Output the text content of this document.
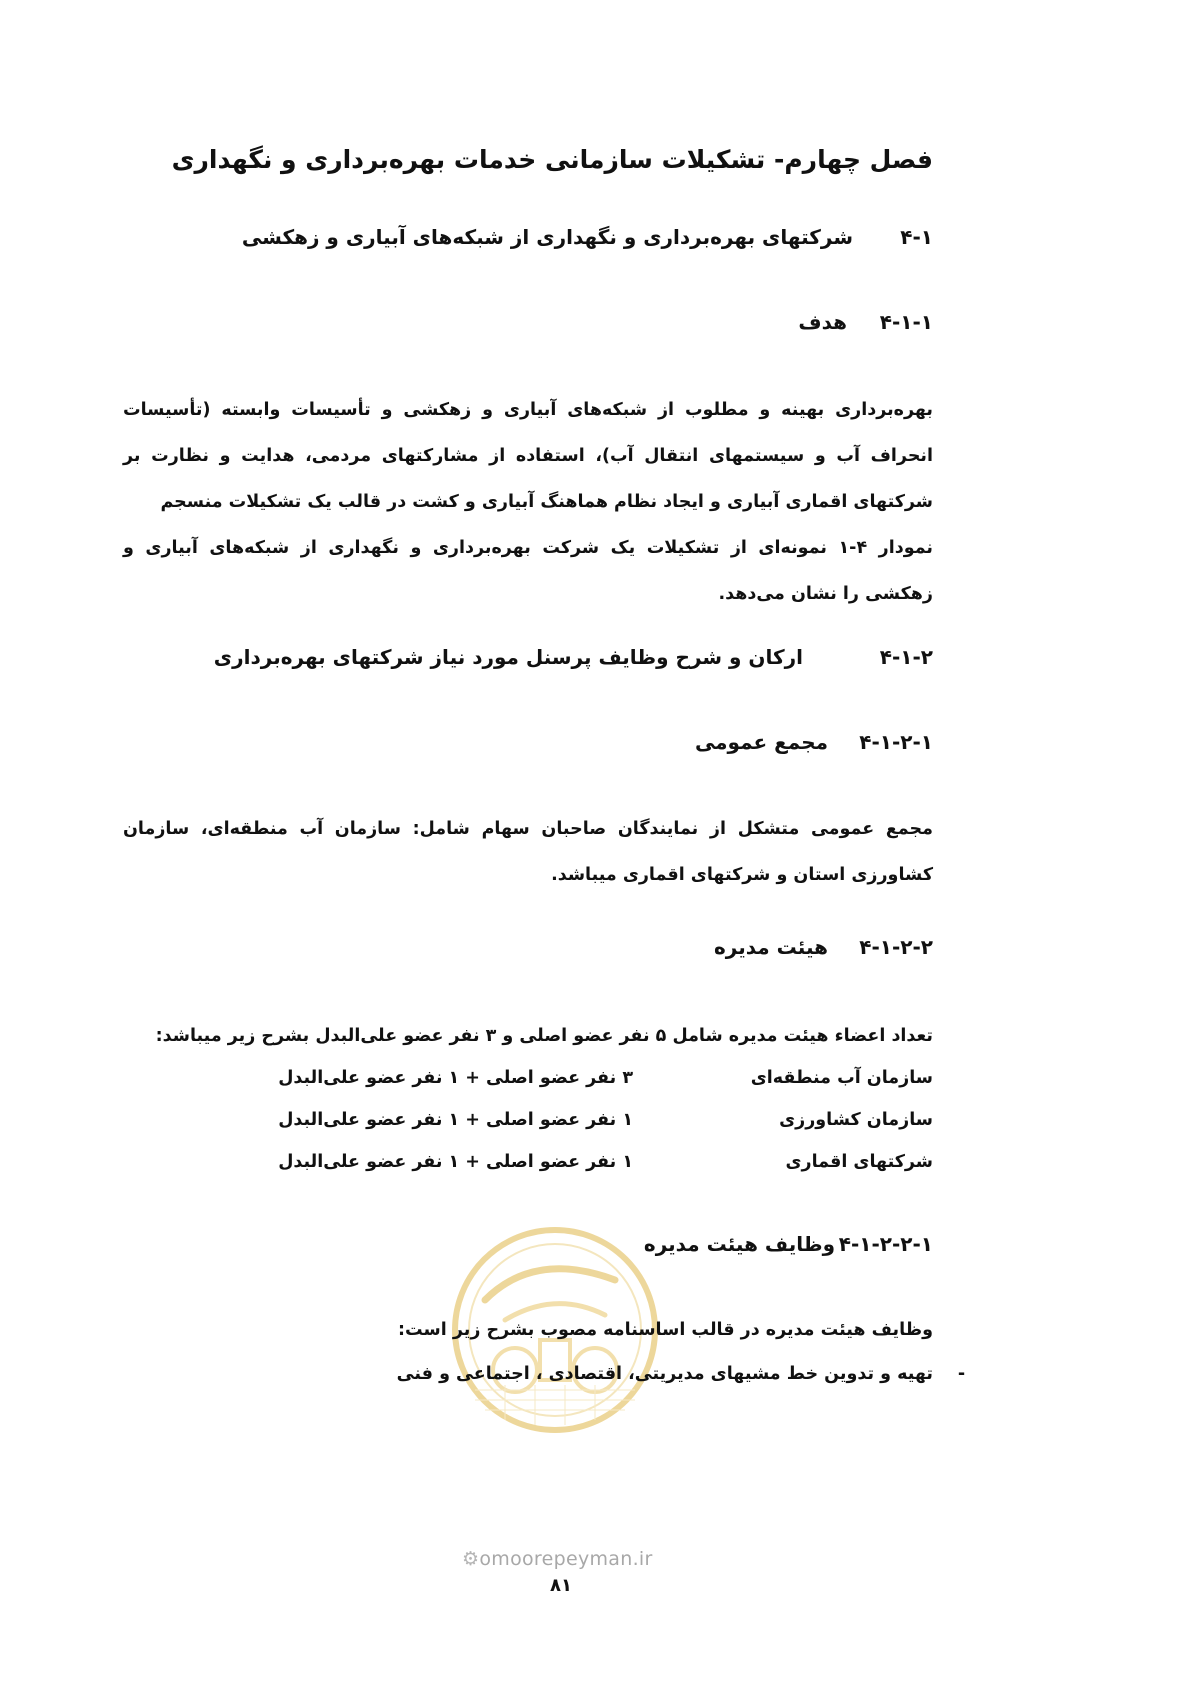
فصل چهارم- تشکیلات سازمانی خدمات بهره‌برداری و نگهداری
۴-۱
شرکتهای بهره‌برداری و نگهداری از شبکه‌های آبیاری و زهکشی
۴-۱-۱
هدف

بهره‌برداری بهینه و مطلوب از شبکه‌های آبیاری و زهکشی و تأسیسات وابسته (تأسیسات انحراف آب و سیستمهای انتقال آب)، استفاده از مشارکتهای مردمی، هدایت و نظارت بر شرکتهای اقماری آبیاری و ایجاد نظام هماهنگ آبیاری و کشت در قالب یک تشکیلات منسجم

نمودار ۴-۱ نمونه‌ای از تشکیلات یک شرکت بهره‌برداری و نگهداری از شبکه‌های آبیاری و زهکشی را نشان می‌دهد.

۴-۱-۲
ارکان و شرح وظایف پرسنل مورد نیاز شرکتهای بهره‌برداری
۴-۱-۲-۱
مجمع عمومی

مجمع عمومی متشکل از نمایندگان صاحبان سهام شامل: سازمان آب منطقه‌ای، سازمان کشاورزی استان و شرکتهای اقماری میباشد.

۴-۱-۲-۲
هیئت مدیره
تعداد اعضاء هیئت مدیره شامل ۵ نفر عضو اصلی و ۳ نفر عضو علی‌البدل بشرح زیر میباشد:
سازمان آب منطقه‌ای
۳ نفر عضو اصلی + ۱ نفر عضو علی‌البدل
سازمان کشاورزی
۱ نفر عضو اصلی + ۱ نفر عضو علی‌البدل
شرکتهای اقماری
۱ نفر عضو اصلی + ۱ نفر عضو علی‌البدل
۴-۱-۲-۲-۱
وظایف هیئت مدیره
وظایف هیئت مدیره در قالب اساسنامه مصوب بشرح زیر است:
-
تهیه و تدوین خط مشیهای مدیریتی، اقتصادی ، اجتماعی و فنی
⚙omoorepeyman.ir
۸۱
